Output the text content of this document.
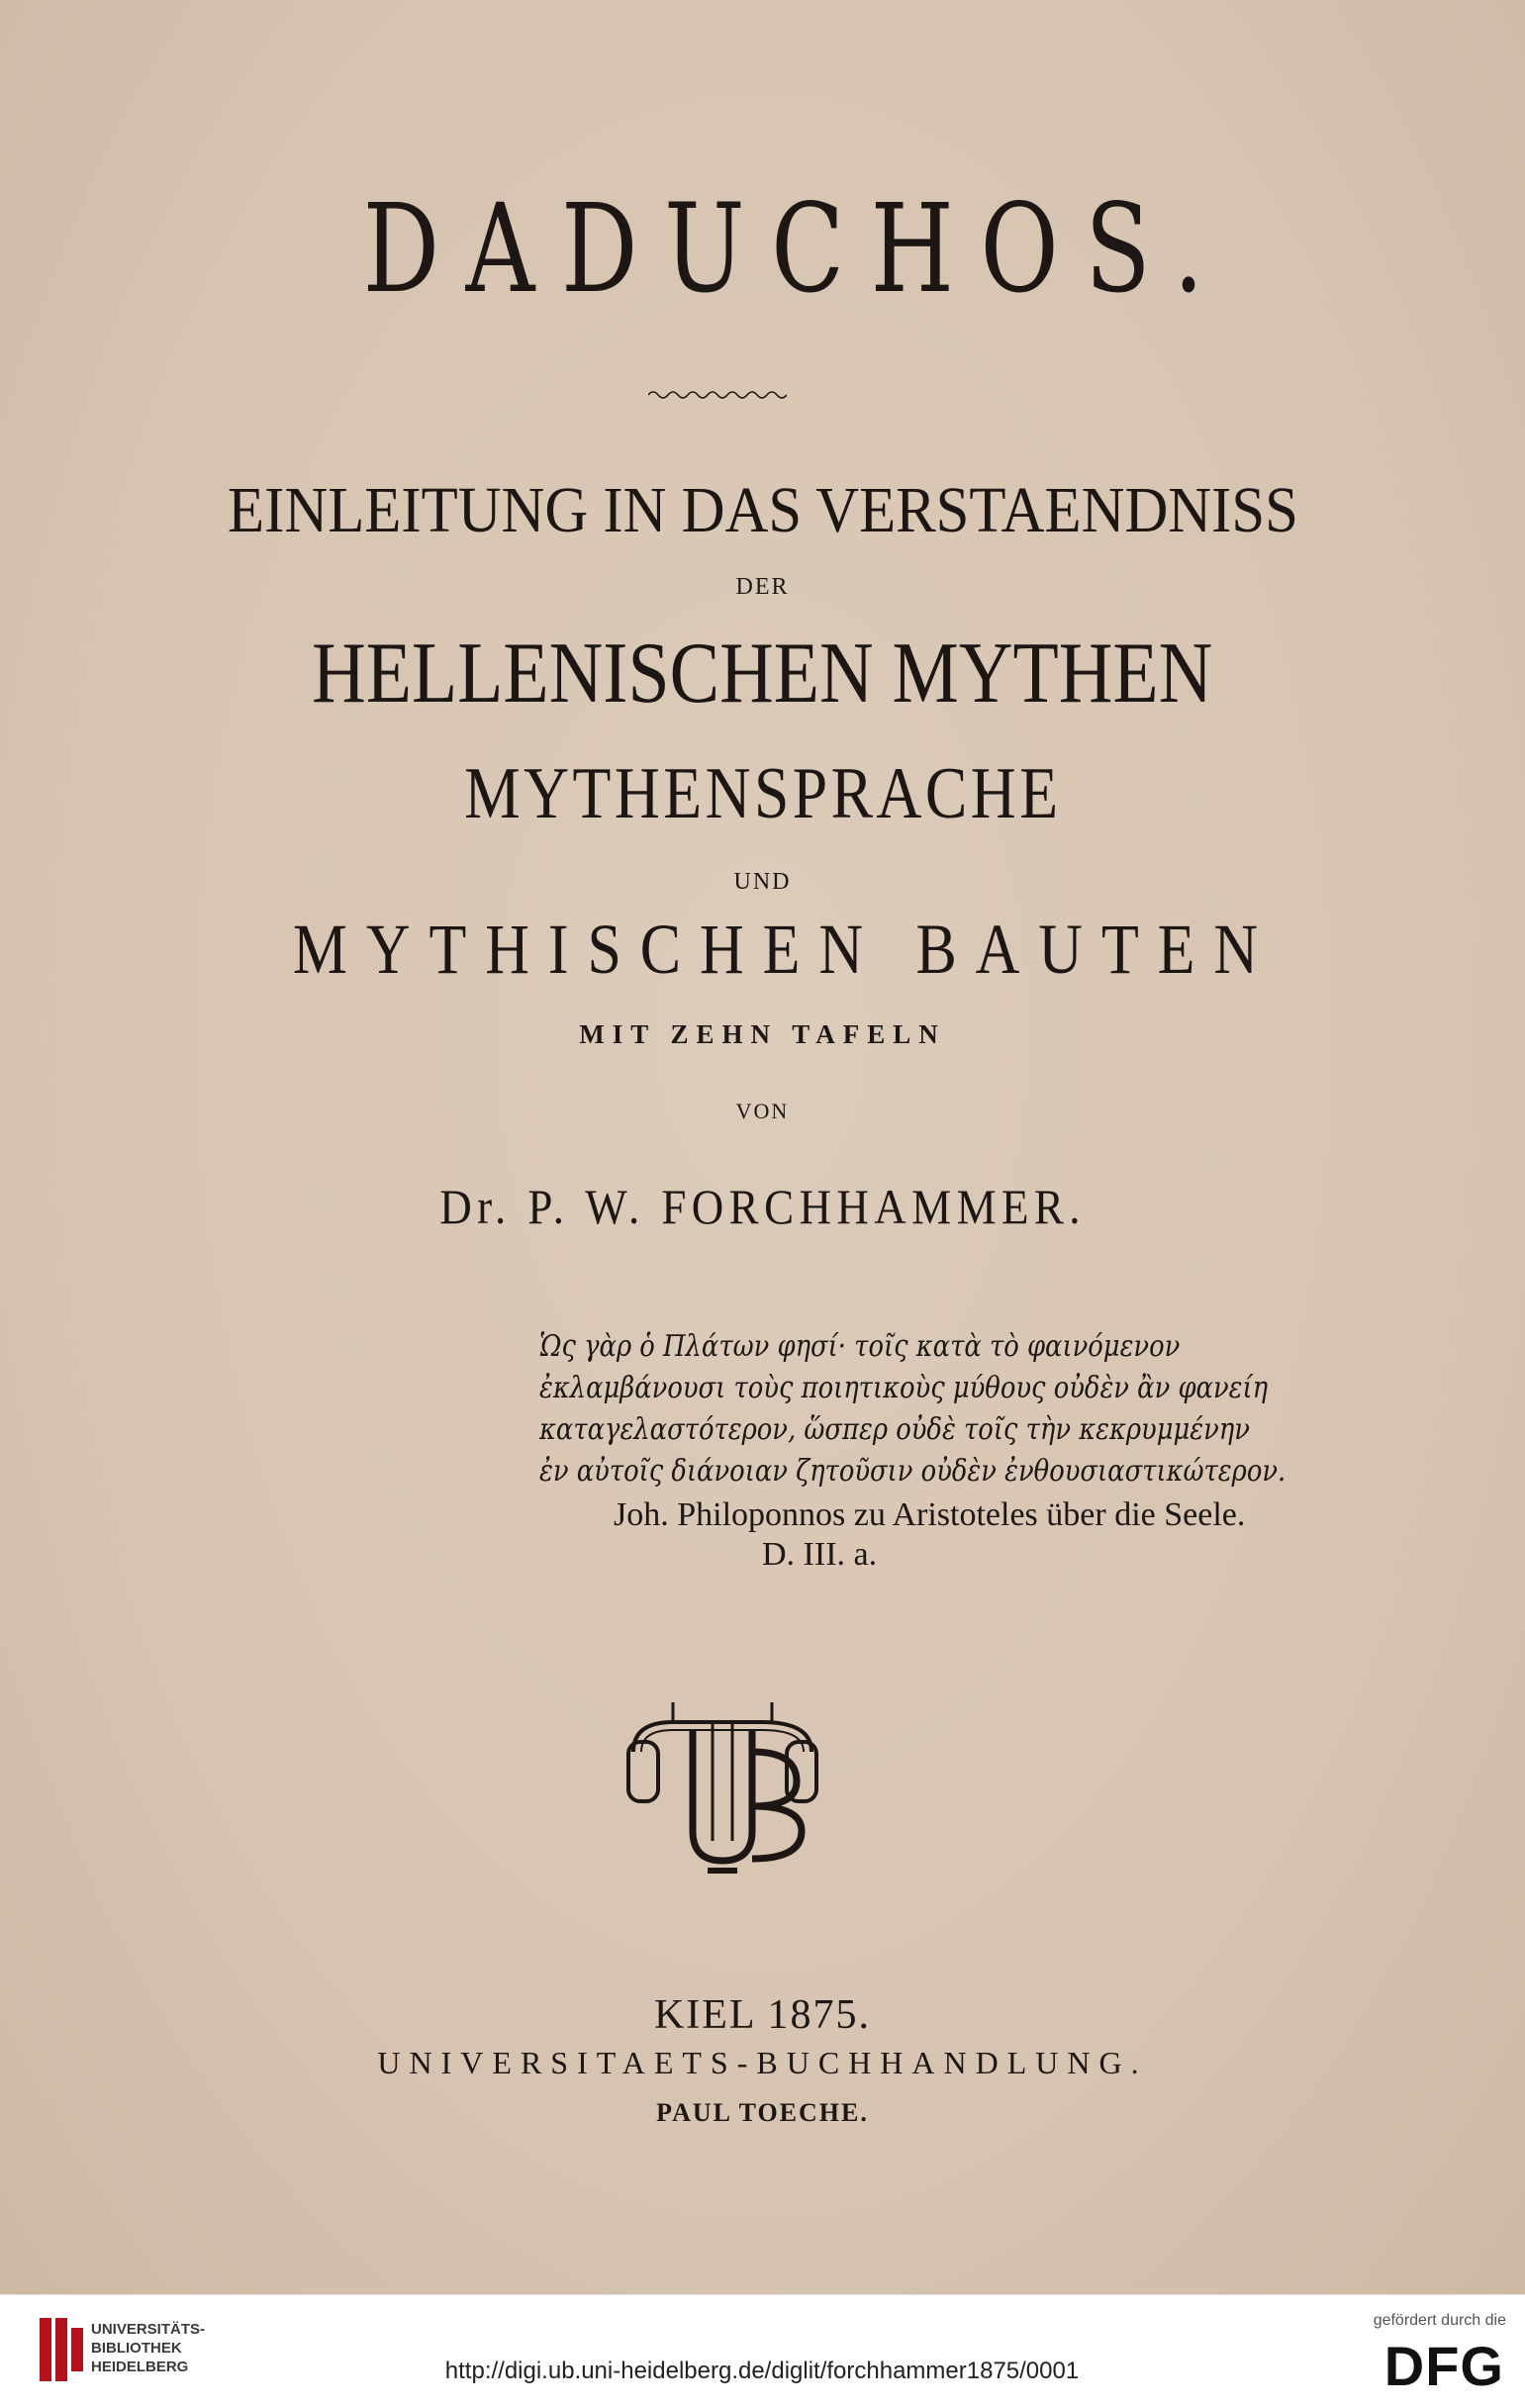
DADUCHOS.

EINLEITUNG IN DAS VERSTAENDNISS

DER

HELLENISCHEN MYTHEN

MYTHENSPRACHE

UND

MYTHISCHEN BAUTEN

MIT ZEHN TAFELN

VON

Dr. P. W. FORCHHAMMER.

Ὡς γὰρ ὁ Πλάτων φησί· τοῖς κατὰ τὸ φαινόμενον
ἐκλαμβάνουσι τοὺς ποιητικοὺς μύθους οὐδὲν ἂν φανείη
καταγελαστότερον, ὥσπερ οὐδὲ τοῖς τὴν κεκρυμμένην
ἐν αὐτοῖς διάνοιαν ζητοῦσιν οὐδὲν ἐνθουσιαστικώτερον.
Joh. Philoponnos zu Aristoteles über die Seele.
D. III. a.

KIEL 1875.

UNIVERSITAETS-BUCHHANDLUNG.

PAUL TOECHE.

UNIVERSITÄTS-
BIBLIOTHEK
HEIDELBERG	http://digi.ub.uni-heidelberg.de/diglit/forchhammer1875/0001
gefördert durch die
DFG
